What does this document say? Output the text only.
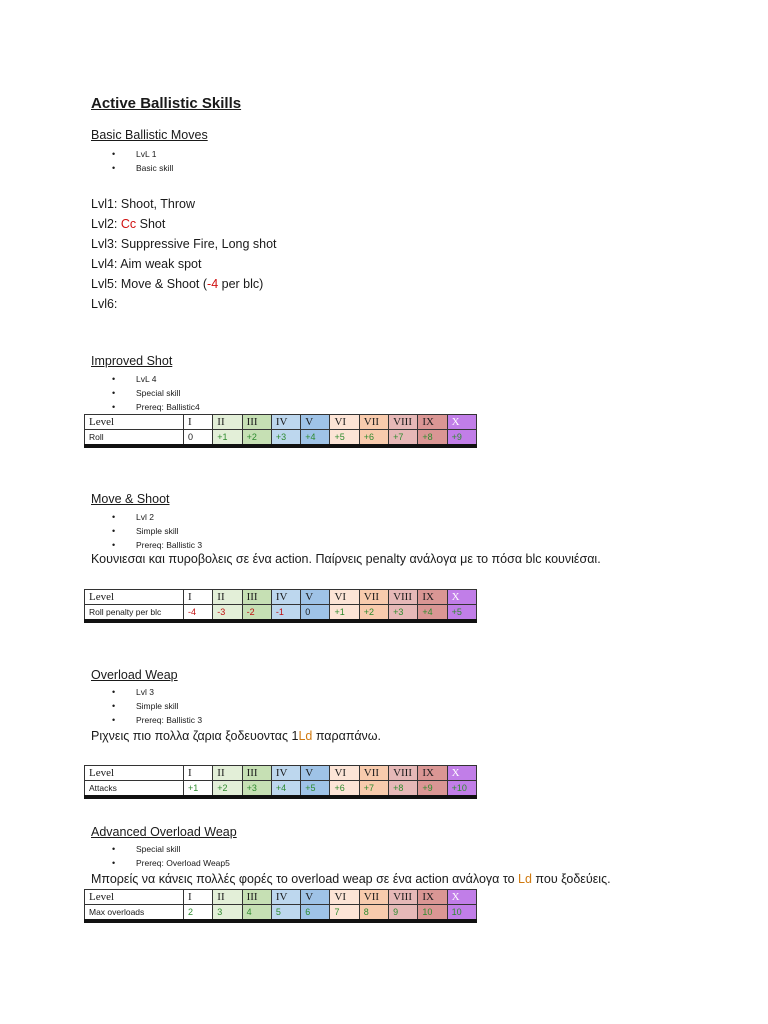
Active Ballistic Skills
Basic Ballistic Moves
• LvL 1
• Basic skill
Lvl1: Shoot, Throw
Lvl2: Cc Shot
Lvl3: Suppressive Fire, Long shot
Lvl4: Aim weak spot
Lvl5: Move & Shoot (-4 per blc)
Lvl6:
Improved Shot
• LvL 4
• Special skill
• Prereq: Ballistic4
Level	I	II	III	IV	V	VI	VII	VIII	IX	X
Roll	0	+1	+2	+3	+4	+5	+6	+7	+8	+9
Move & Shoot
• Lvl 2
• Simple skill
• Prereq: Ballistic 3
Κουνιεσαι και πυροβολεις σε ένα action. Παίρνεις penalty ανάλογα με το πόσα blc κουνιέσαι.
Level	I	II	III	IV	V	VI	VII	VIII	IX	X
Roll penalty per blc	-4	-3	-2	-1	0	+1	+2	+3	+4	+5
Overload Weap
• Lvl 3
• Simple skill
• Prereq: Ballistic 3
Ριχνεις πιο πολλα ζαρια ξοδευοντας 1Ld παραπάνω.
Level	I	II	III	IV	V	VI	VII	VIII	IX	X
Attacks	+1	+2	+3	+4	+5	+6	+7	+8	+9	+10
Advanced Overload Weap
• Special skill
• Prereq: Overload Weap5
Μπορείς να κάνεις πολλές φορές το overload weap σε ένα action ανάλογα το Ld που ξοδεύεις.
Level	I	II	III	IV	V	VI	VII	VIII	IX	X
Max overloads	2	3	4	5	6	7	8	9	10	10
